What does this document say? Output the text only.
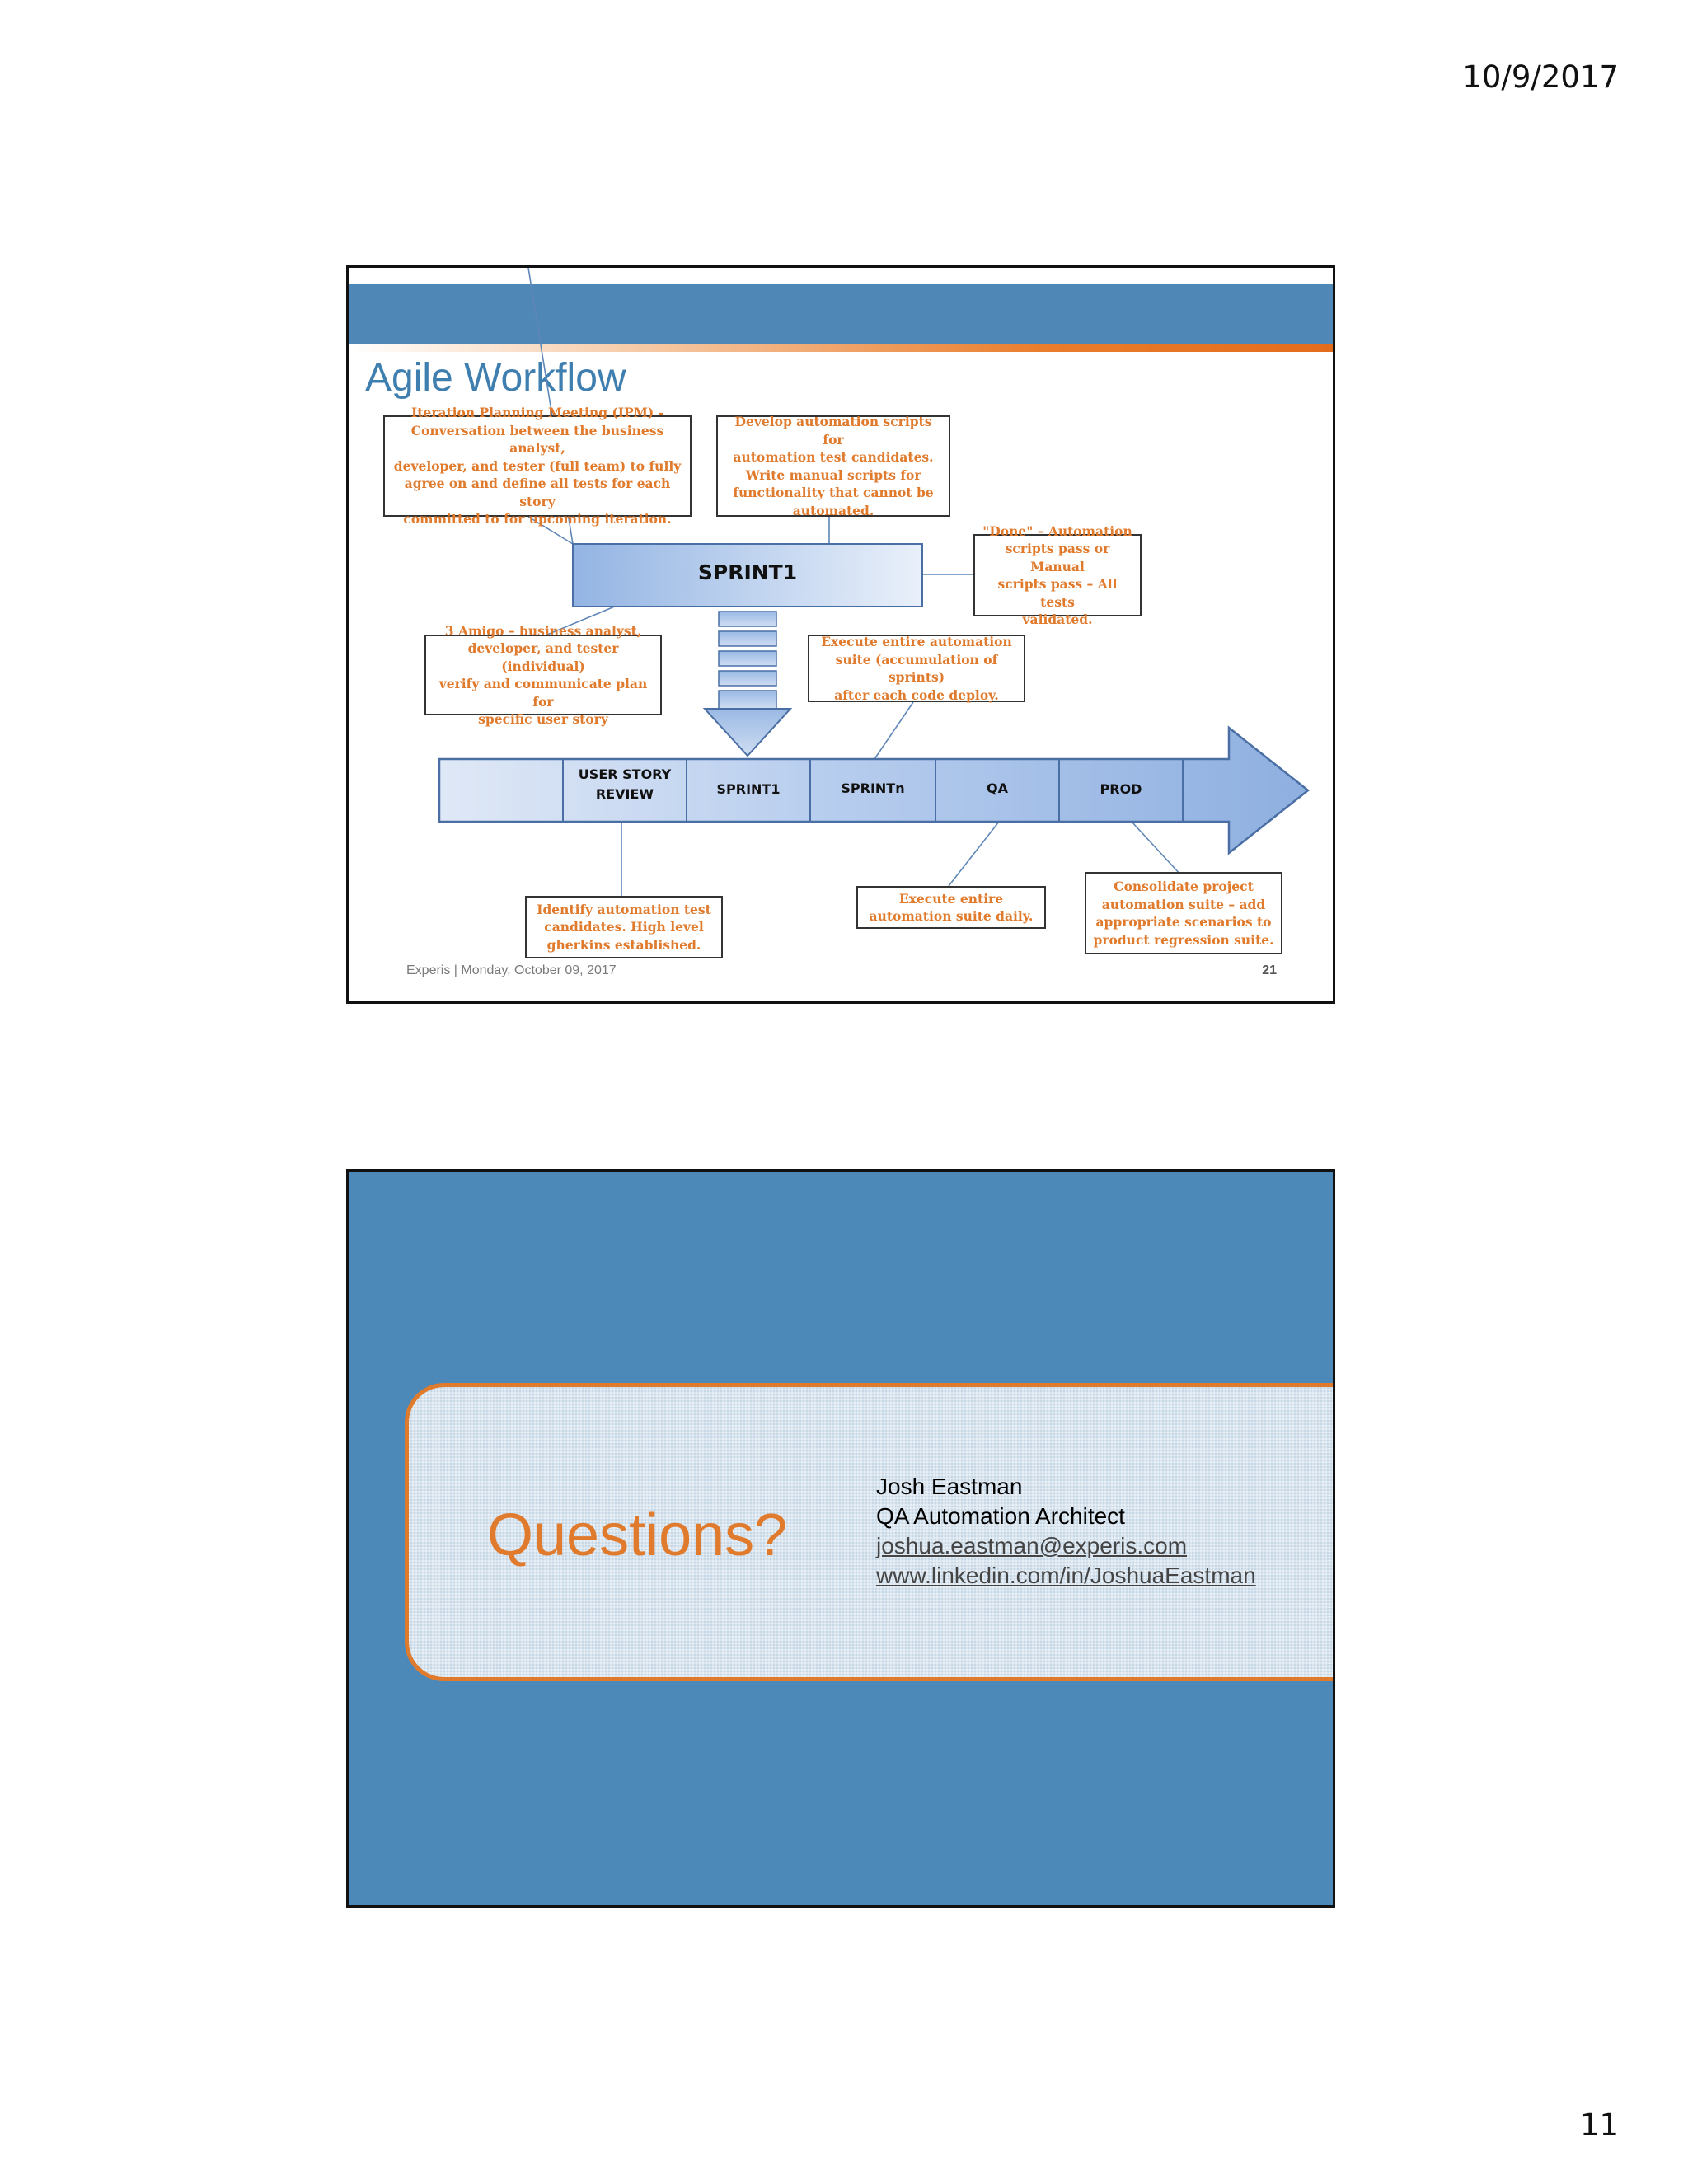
10/9/2017
Agile Workflow
SPRINT1
USER STORY REVIEW	SPRINT1	SPRINTn	QA	PROD
Iteration Planning Meeting (IPM) -
Conversation between the business analyst,
developer, and tester (full team) to fully
agree on and define all tests for each story
committed to for upcoming iteration.
Develop automation scripts for
automation test candidates.
Write manual scripts for
functionality that cannot be
automated.
"Done" – Automation
scripts pass or Manual
scripts pass – All tests
validated.
3 Amigo – business analyst,
developer, and tester (individual)
verify and communicate plan for
specific user story
Execute entire automation
suite (accumulation of sprints)
after each code deploy.
Identify automation test
candidates. High level
gherkins established.
Execute entire
automation suite daily.
Consolidate project
automation suite – add
appropriate scenarios to
product regression suite.
Experis | Monday, October 09, 2017	21
Questions?
Josh Eastman
QA Automation Architect
joshua.eastman@experis.com
www.linkedin.com/in/JoshuaEastman
11
